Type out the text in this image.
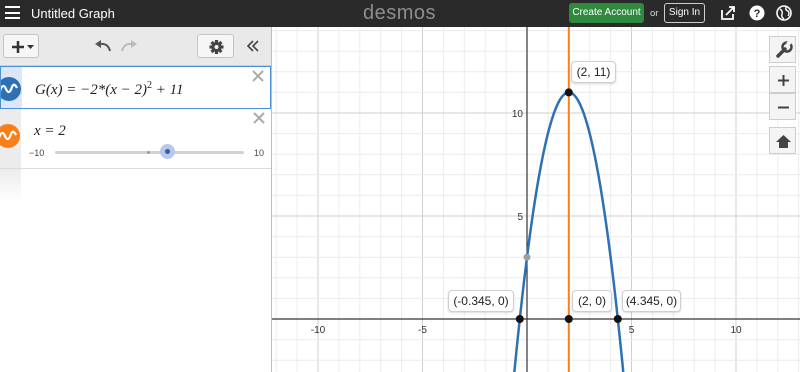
Untitled Graph	desmos	Create Account or	Sign In	?
-10	-5	5	10
5
10
$G(x) = -2*(x - 2)^2 + 11$
x = 2
−10	10
(2, 11)
(-0.345, 0)	(2, 0)	(4.345, 0)
